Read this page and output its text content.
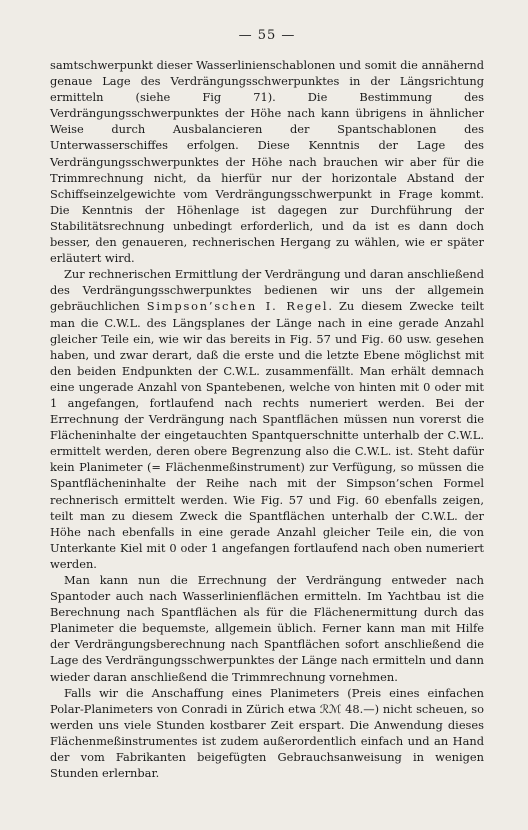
— 55 —

samtschwerpunkt dieser Wasserlinienschablonen und somit die annähernd genaue Lage des Verdrängungsschwerpunktes in der Längsrichtung ermitteln (siehe Fig 71). Die Bestimmung des Verdrängungsschwerpunktes der Höhe nach kann übrigens in ähnlicher Weise durch Ausbalancieren der Spantschablonen des Unterwasserschiffes erfolgen. Diese Kenntnis der Lage des Verdrängungsschwerpunktes der Höhe nach brauchen wir aber für die Trimmrechnung nicht, da hierfür nur der horizontale Abstand der Schiffseinzelgewichte vom Verdrängungsschwerpunkt in Frage kommt. Die Kenntnis der Höhenlage ist dagegen zur Durchführung der Stabilitätsrechnung unbedingt erforderlich, und da ist es dann doch besser, den genaueren, rechnerischen Hergang zu wählen, wie er später erläutert wird.

Zur rechnerischen Ermittlung der Verdrängung und daran anschließend des Verdrängungsschwerpunktes bedienen wir uns der allgemein gebräuchlichen Simpson’schen I. Regel. Zu diesem Zwecke teilt man die C.W.L. des Längsplanes der Länge nach in eine gerade Anzahl gleicher Teile ein, wie wir das bereits in Fig. 57 und Fig. 60 usw. gesehen haben, und zwar derart, daß die erste und die letzte Ebene möglichst mit den beiden Endpunkten der C.W.L. zusammenfällt. Man erhält demnach eine ungerade Anzahl von Spantebenen, welche von hinten mit 0 oder mit 1 angefangen, fortlaufend nach rechts numeriert werden. Bei der Errechnung der Verdrängung nach Spantflächen müssen nun vorerst die Flächeninhalte der eingetauchten Spantquerschnitte unterhalb der C.W.L. ermittelt werden, deren obere Begrenzung also die C.W.L. ist. Steht dafür kein Planimeter (= Flächenmeßinstrument) zur Verfügung, so müssen die Spantflächeninhalte der Reihe nach mit der Simpson’schen Formel rechnerisch ermittelt werden. Wie Fig. 57 und Fig. 60 ebenfalls zeigen, teilt man zu diesem Zweck die Spantflächen unterhalb der C.W.L. der Höhe nach ebenfalls in eine gerade Anzahl gleicher Teile ein, die von Unterkante Kiel mit 0 oder 1 angefangen fortlaufend nach oben numeriert werden.

Man kann nun die Errechnung der Verdrängung entweder nach Spantoder auch nach Wasserlinienflächen ermitteln. Im Yachtbau ist die Berechnung nach Spantflächen als für die Flächenermittung durch das Planimeter die bequemste, allgemein üblich. Ferner kann man mit Hilfe der Verdrängungsberechnung nach Spantflächen sofort anschließend die Lage des Verdrängungsschwerpunktes der Länge nach ermitteln und dann wieder daran anschließend die Trimmrechnung vornehmen.

Falls wir die Anschaffung eines Planimeters (Preis eines einfachen Polar-Planimeters von Conradi in Zürich etwa ℛℳ 48.—) nicht scheuen, so werden uns viele Stunden kostbarer Zeit erspart. Die Anwendung dieses Flächenmeßinstrumentes ist zudem außerordentlich einfach und an Hand der vom Fabrikanten beigefügten Gebrauchsanweisung in wenigen Stunden erlernbar.
